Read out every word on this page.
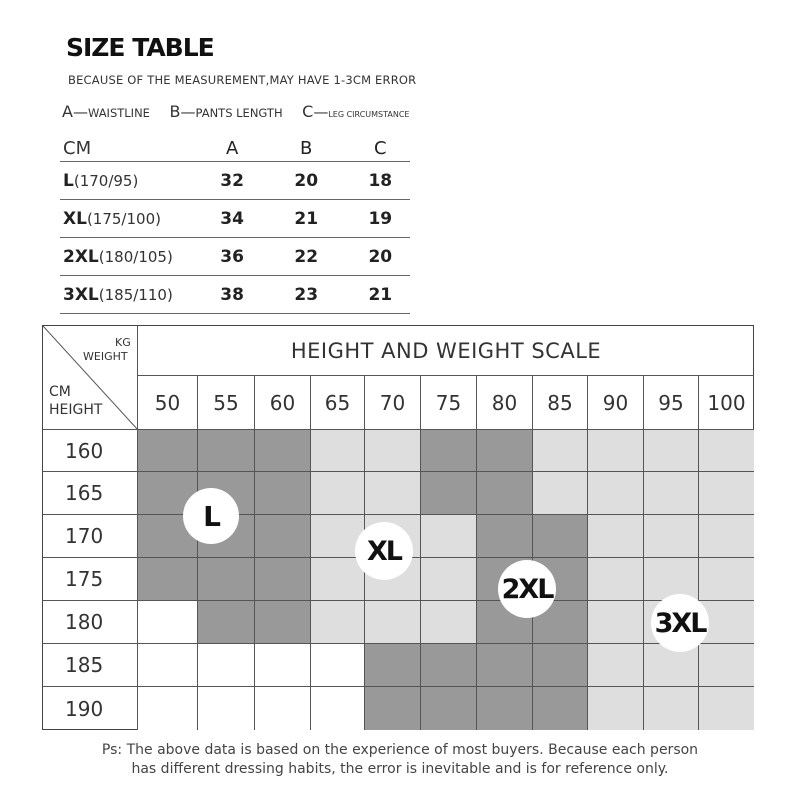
SIZE TABLE
BECAUSE OF THE MEASUREMENT,MAY HAVE 1-3CM ERROR
A—WAISTLINE B—PANTS LENGTH C—LEG CIRCUMSTANCE
CM	A	B	C
L(170/95)	32	20	18
XL(175/100)	34	21	19
2XL(180/105)	36	22	20
3XL(185/110)	38	23	21
KG
WEIGHT
CM
HEIGHT
HEIGHT AND WEIGHT SCALE
50	55	60	65	70	75	80	85	90	95	100
160
165
170
175
180
185
190
L
XL
2XL
3XL
Ps: The above data is based on the experience of most buyers. Because each person
has different dressing habits, the error is inevitable and is for reference only.
